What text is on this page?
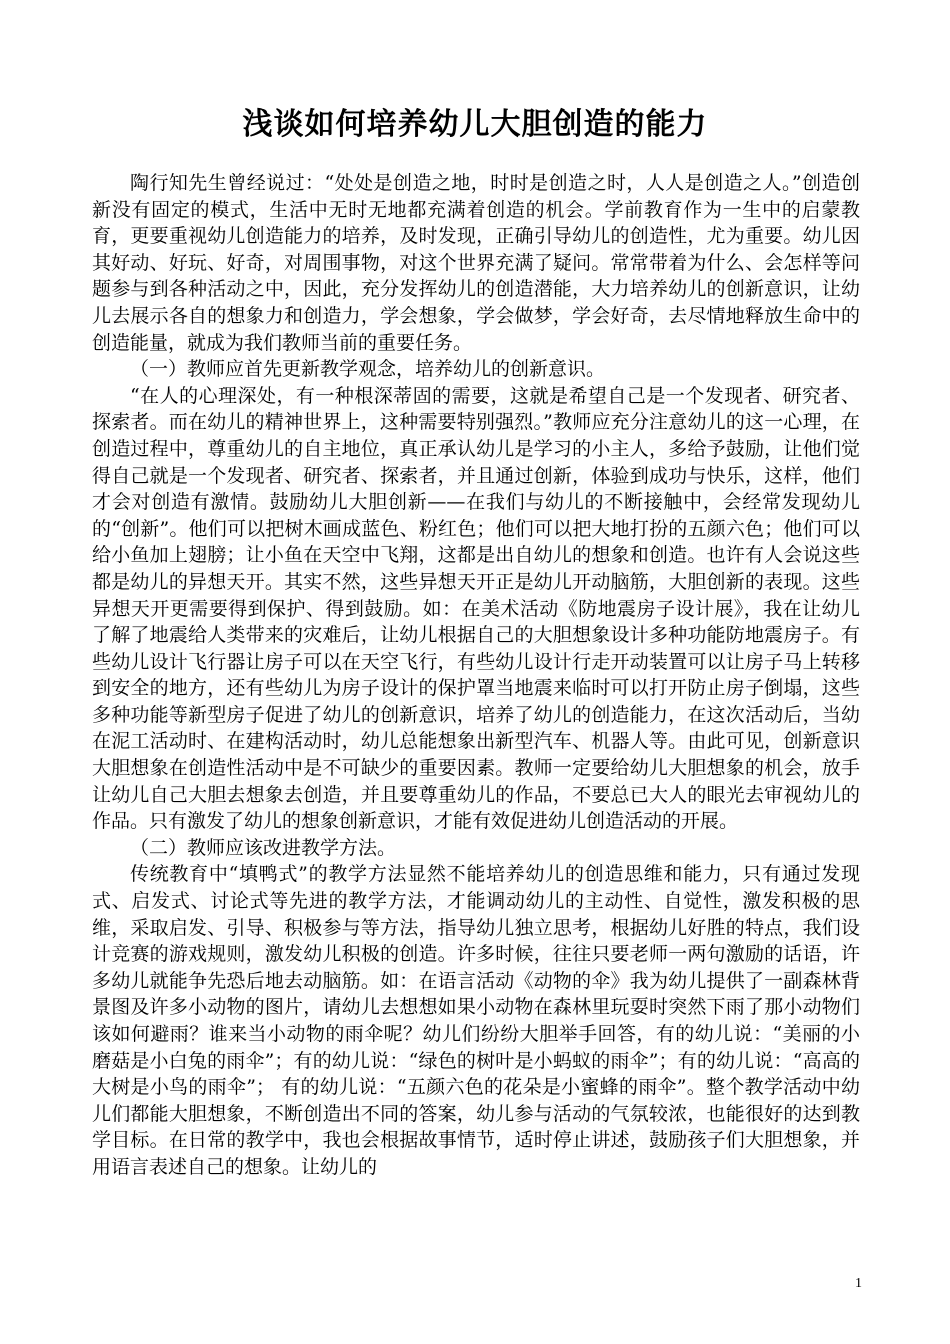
浅谈如何培养幼儿大胆创造的能力

陶行知先生曾经说过：“处处是创造之地，时时是创造之时，人人是创造之人。”创造创新没有固定的模式，生活中无时无地都充满着创造的机会。学前教育作为一生中的启蒙教育，更要重视幼儿创造能力的培养，及时发现，正确引导幼儿的创造性，尤为重要。幼儿因其好动、好玩、好奇，对周围事物，对这个世界充满了疑问。常常带着为什么、会怎样等问题参与到各种活动之中，因此，充分发挥幼儿的创造潜能，大力培养幼儿的创新意识，让幼儿去展示各自的想象力和创造力，学会想象，学会做梦，学会好奇，去尽情地释放生命中的创造能量，就成为我们教师当前的重要任务。

（一）教师应首先更新教学观念，培养幼儿的创新意识。

“在人的心理深处，有一种根深蒂固的需要，这就是希望自己是一个发现者、研究者、探索者。而在幼儿的精神世界上，这种需要特别强烈。”教师应充分注意幼儿的这一心理，在创造过程中，尊重幼儿的自主地位，真正承认幼儿是学习的小主人，多给予鼓励，让他们觉得自己就是一个发现者、研究者、探索者，并且通过创新，体验到成功与快乐，这样，他们才会对创造有激情。鼓励幼儿大胆创新——在我们与幼儿的不断接触中，会经常发现幼儿的“创新”。他们可以把树木画成蓝色、粉红色；他们可以把大地打扮的五颜六色；他们可以给小鱼加上翅膀；让小鱼在天空中飞翔，这都是出自幼儿的想象和创造。也许有人会说这些都是幼儿的异想天开。其实不然，这些异想天开正是幼儿开动脑筋，大胆创新的表现。这些异想天开更需要得到保护、得到鼓励。如：在美术活动《防地震房子设计展》，我在让幼儿了解了地震给人类带来的灾难后，让幼儿根据自己的大胆想象设计多种功能防地震房子。有些幼儿设计飞行器让房子可以在天空飞行，有些幼儿设计行走开动装置可以让房子马上转移到安全的地方，还有些幼儿为房子设计的保护罩当地震来临时可以打开防止房子倒塌，这些多种功能等新型房子促进了幼儿的创新意识，培养了幼儿的创造能力，在这次活动后，当幼在泥工活动时、在建构活动时，幼儿总能想象出新型汽车、机器人等。由此可见，创新意识大胆想象在创造性活动中是不可缺少的重要因素。教师一定要给幼儿大胆想象的机会，放手让幼儿自己大胆去想象去创造，并且要尊重幼儿的作品，不要总已大人的眼光去审视幼儿的作品。只有激发了幼儿的想象创新意识，才能有效促进幼儿创造活动的开展。

（二）教师应该改进教学方法。

传统教育中“填鸭式”的教学方法显然不能培养幼儿的创造思维和能力，只有通过发现式、启发式、讨论式等先进的教学方法，才能调动幼儿的主动性、自觉性，激发积极的思维，采取启发、引导、积极参与等方法，指导幼儿独立思考，根据幼儿好胜的特点，我们设计竞赛的游戏规则，激发幼儿积极的创造。许多时候，往往只要老师一两句激励的话语，许多幼儿就能争先恐后地去动脑筋。如：在语言活动《动物的伞》我为幼儿提供了一副森林背景图及许多小动物的图片，请幼儿去想想如果小动物在森林里玩耍时突然下雨了那小动物们该如何避雨？谁来当小动物的雨伞呢？幼儿们纷纷大胆举手回答，有的幼儿说：“美丽的小磨菇是小白兔的雨伞”；有的幼儿说：“绿色的树叶是小蚂蚁的雨伞”；有的幼儿说：“高高的大树是小鸟的雨伞”； 有的幼儿说：“五颜六色的花朵是小蜜蜂的雨伞”。整个教学活动中幼儿们都能大胆想象，不断创造出不同的答案，幼儿参与活动的气氛较浓，也能很好的达到教学目标。在日常的教学中，我也会根据故事情节，适时停止讲述，鼓励孩子们大胆想象，并用语言表述自己的想象。让幼儿的

1
